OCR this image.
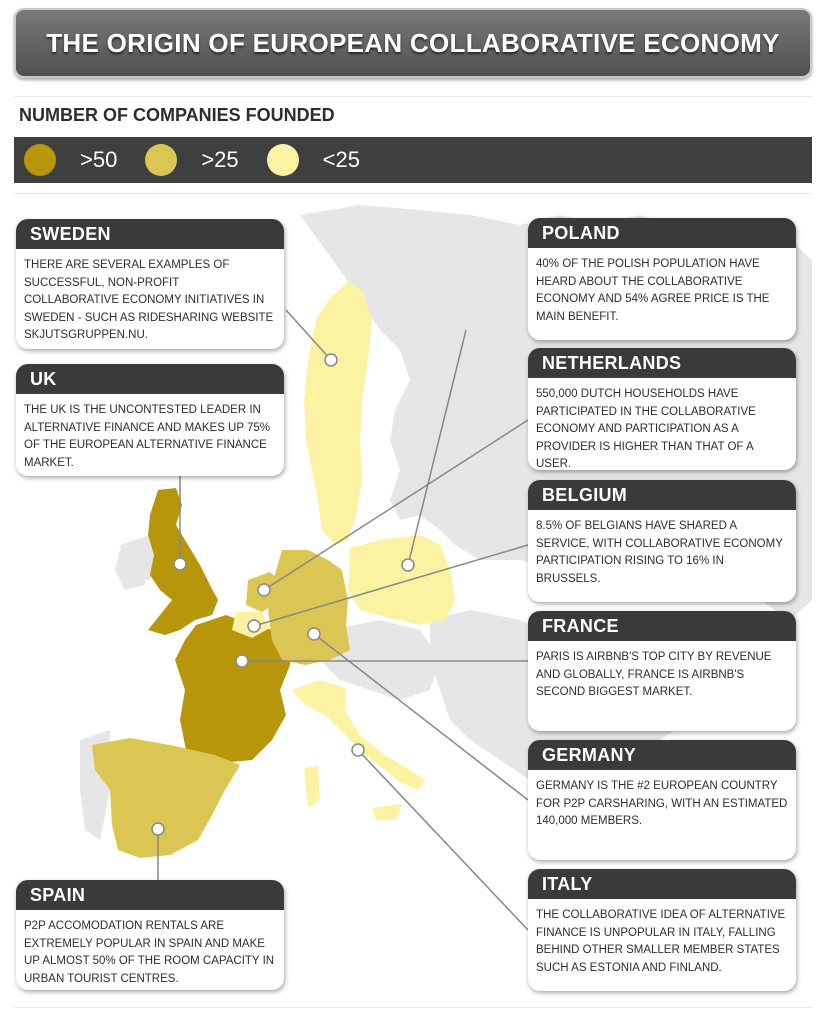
THE ORIGIN OF EUROPEAN COLLABORATIVE ECONOMY
NUMBER OF COMPANIES FOUNDED
>50	>25	<25
SWEDEN
THERE ARE SEVERAL EXAMPLES OF SUCCESSFUL, NON-PROFIT COLLABORATIVE ECONOMY INITIATIVES IN SWEDEN - SUCH AS RIDESHARING WEBSITE SKJUTSGRUPPEN.NU.
UK
THE UK IS THE UNCONTESTED LEADER IN ALTERNATIVE FINANCE AND MAKES UP 75% OF THE EUROPEAN ALTERNATIVE FINANCE MARKET.
SPAIN
P2P ACCOMODATION RENTALS ARE EXTREMELY POPULAR IN SPAIN AND MAKE UP ALMOST 50% OF THE ROOM CAPACITY IN URBAN TOURIST CENTRES.
POLAND
40% OF THE POLISH POPULATION HAVE HEARD ABOUT THE COLLABORATIVE ECONOMY AND 54% AGREE PRICE IS THE MAIN BENEFIT.
NETHERLANDS
550,000 DUTCH HOUSEHOLDS HAVE PARTICIPATED IN THE COLLABORATIVE ECONOMY AND PARTICIPATION AS A PROVIDER IS HIGHER THAN THAT OF A USER.
BELGIUM
8.5% OF BELGIANS HAVE SHARED A SERVICE, WITH COLLABORATIVE ECONOMY PARTICIPATION RISING TO 16% IN BRUSSELS.
FRANCE
PARIS IS AIRBNB'S TOP CITY BY REVENUE AND GLOBALLY, FRANCE IS AIRBNB'S SECOND BIGGEST MARKET.
GERMANY
GERMANY IS THE #2 EUROPEAN COUNTRY FOR P2P CARSHARING, WITH AN ESTIMATED 140,000 MEMBERS.
ITALY
THE COLLABORATIVE IDEA OF ALTERNATIVE FINANCE IS UNPOPULAR IN ITALY, FALLING BEHIND OTHER SMALLER MEMBER STATES SUCH AS ESTONIA AND FINLAND.
